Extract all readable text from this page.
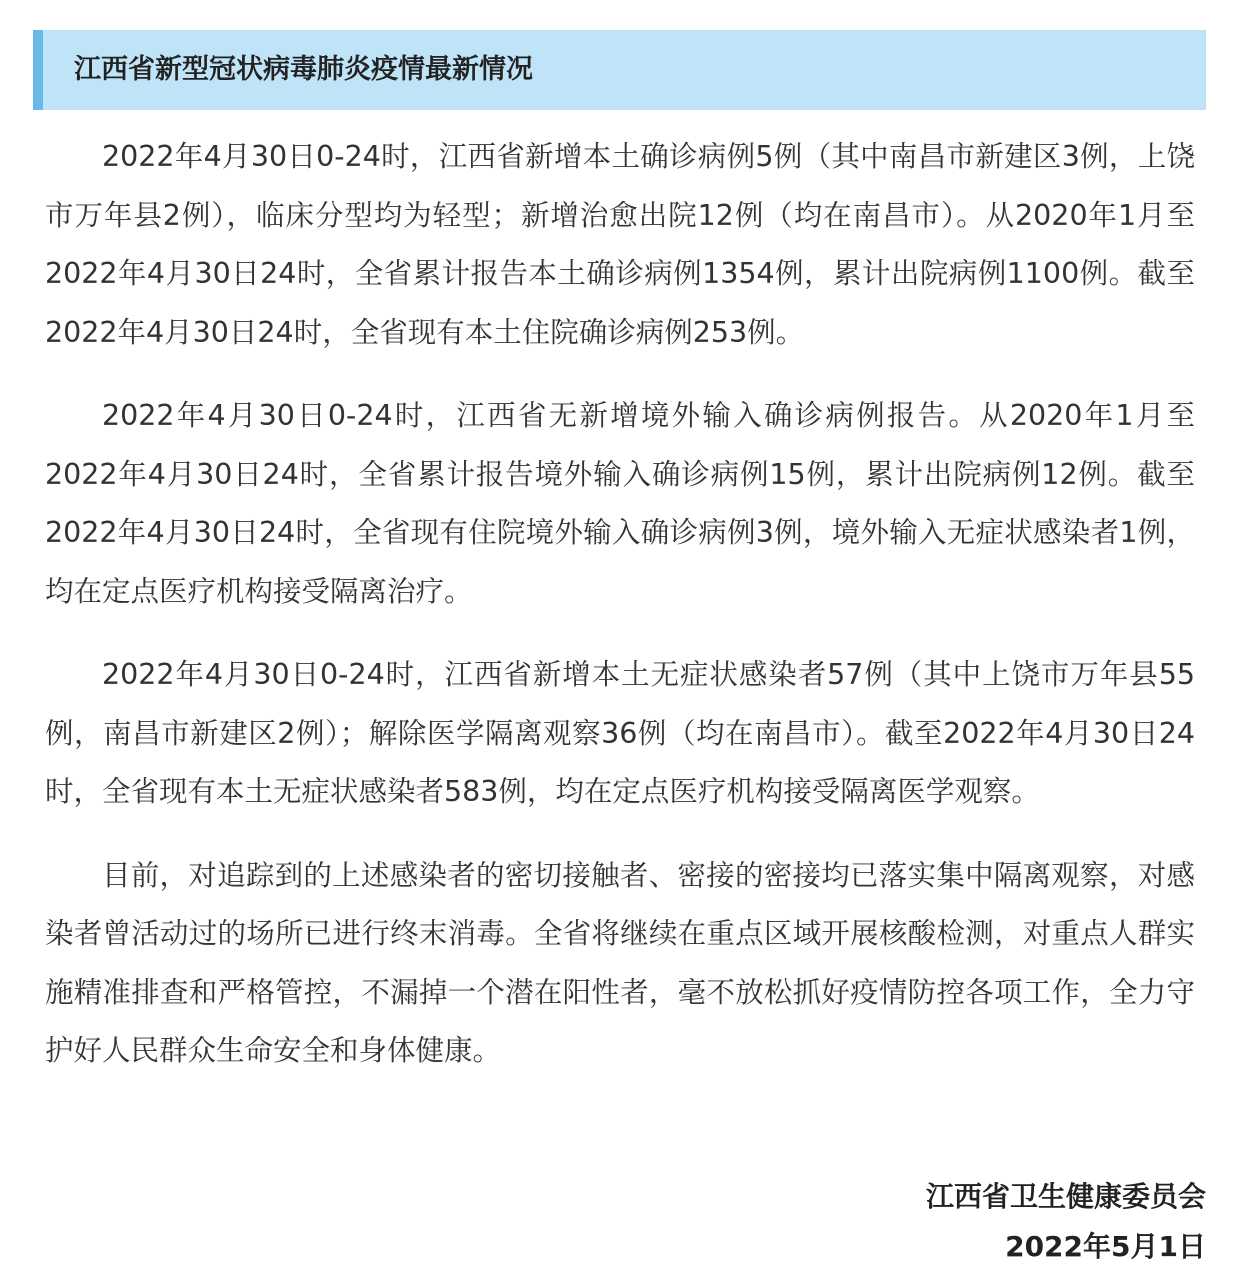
江西省新型冠状病毒肺炎疫情最新情况

2022年4月30日0-24时，江西省新增本土确诊病例5例（其中南昌市新建区3例，上饶市万年县2例），临床分型均为轻型；新增治愈出院12例（均在南昌市）。从2020年1月至2022年4月30日24时，全省累计报告本土确诊病例1354例，累计出院病例1100例。截至2022年4月30日24时，全省现有本土住院确诊病例253例。

2022年4月30日0-24时，江西省无新增境外输入确诊病例报告。从2020年1月至2022年4月30日24时，全省累计报告境外输入确诊病例15例，累计出院病例12例。截至2022年4月30日24时，全省现有住院境外输入确诊病例3例，境外输入无症状感染者1例，均在定点医疗机构接受隔离治疗。

2022年4月30日0-24时，江西省新增本土无症状感染者57例（其中上饶市万年县55例，南昌市新建区2例）；解除医学隔离观察36例（均在南昌市）。截至2022年4月30日24时，全省现有本土无症状感染者583例，均在定点医疗机构接受隔离医学观察。

目前，对追踪到的上述感染者的密切接触者、密接的密接均已落实集中隔离观察，对感染者曾活动过的场所已进行终末消毒。全省将继续在重点区域开展核酸检测，对重点人群实施精准排查和严格管控，不漏掉一个潜在阳性者，毫不放松抓好疫情防控各项工作，全力守护好人民群众生命安全和身体健康。

江西省卫生健康委员会
2022年5月1日
